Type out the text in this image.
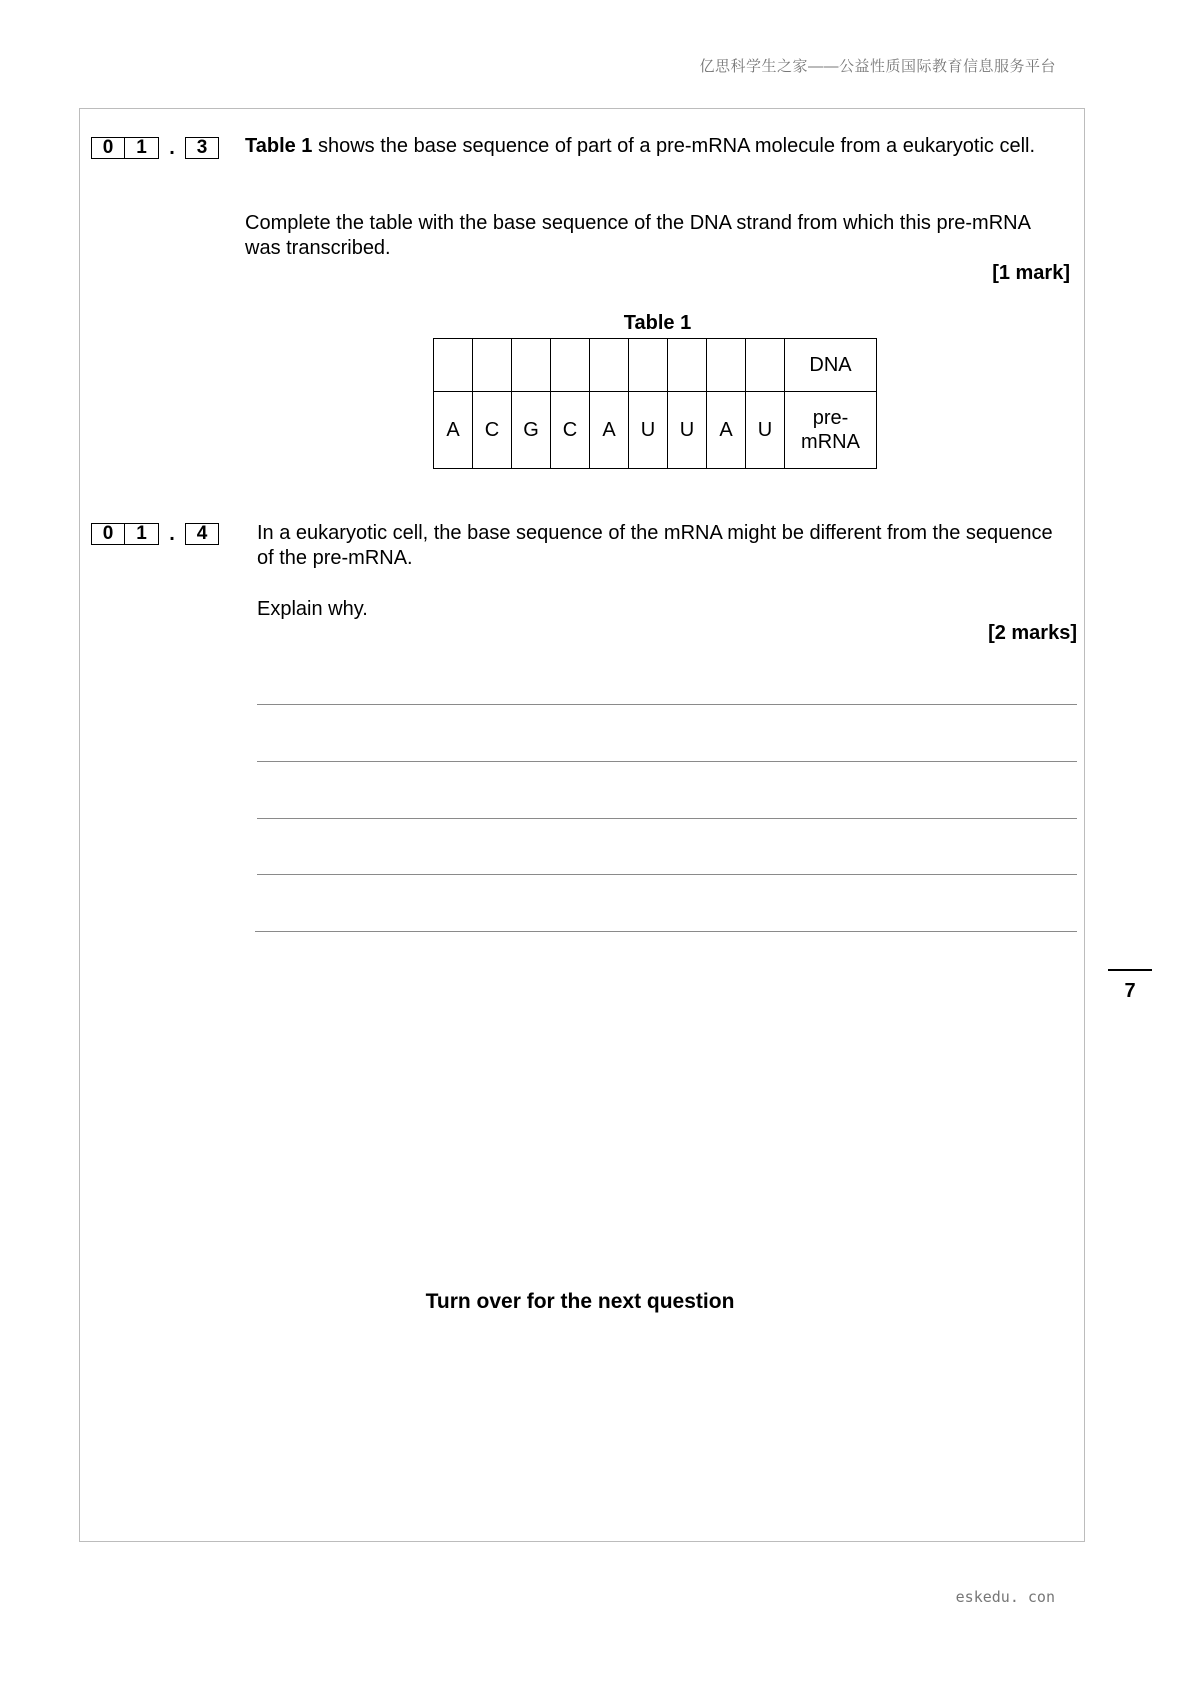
亿思科学生之家——公益性质国际教育信息服务平台
0	1	.	3	Table 1 shows the base sequence of part of a pre-mRNA molecule from a eukaryotic cell.
Complete the table with the base sequence of the DNA strand from which this pre-mRNA was transcribed.
[1 mark]
Table 1
									DNA
A	C	G	C	A	U	U	A	U	pre-
mRNA
0	1	.	4	In a eukaryotic cell, the base sequence of the mRNA might be different from the sequence of the pre-mRNA.
Explain why.
[2 marks]
7
Turn over for the next question
eskedu. con
